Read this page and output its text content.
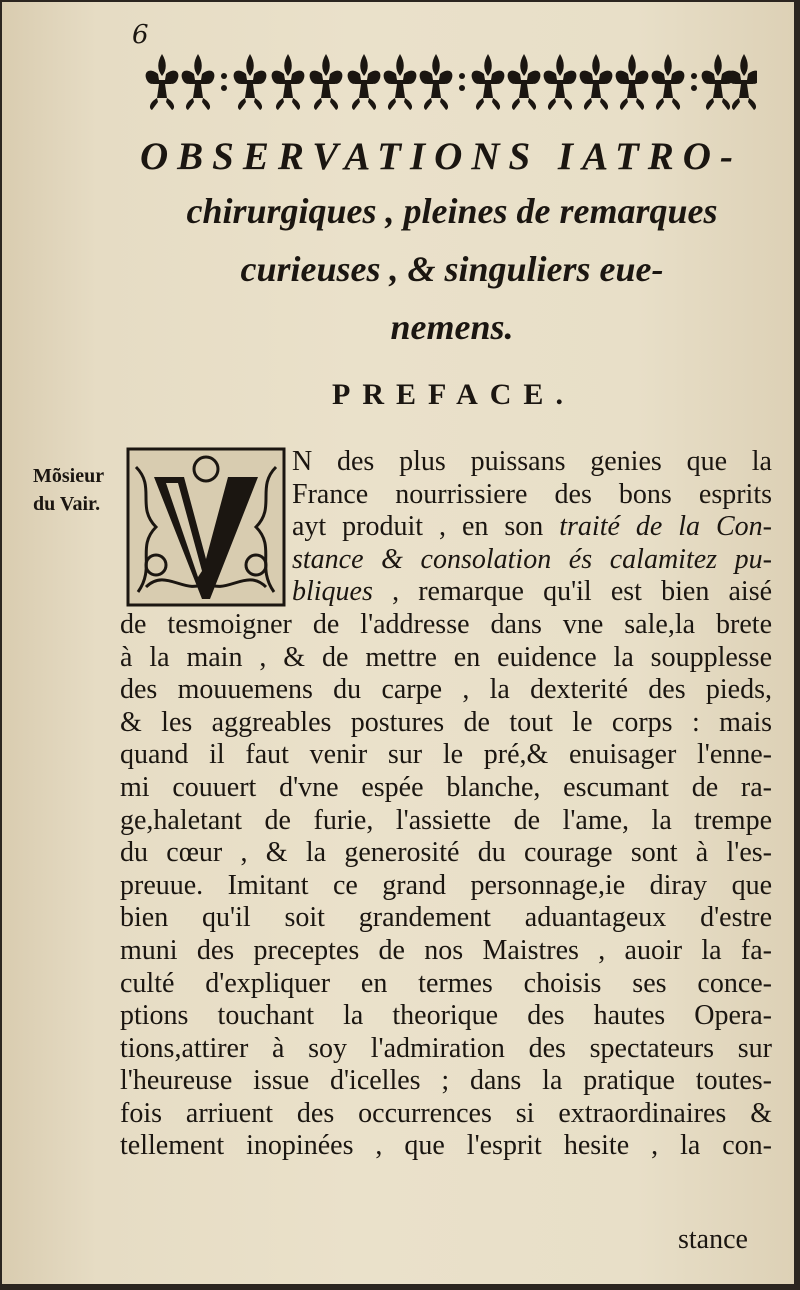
6
OBSERVATIONS IATRO-
chirurgiques , pleines de remarques
curieuses , & singuliers eue-
nemens.
PREFACE.
Mõsieur
du Vair.
N des plus puissans genies que la
France nourrissiere des bons esprits
ayt produit , en son traité de la Con-
stance & consolation és calamitez pu-
bliques , remarque qu'il est bien aisé
de tesmoigner de l'addresse dans vne sale,la brete
à la main , & de mettre en euidence la soupplesse
des mouuemens du carpe , la dexterité des pieds,
& les aggreables postures de tout le corps : mais
quand il faut venir sur le pré,& enuisager l'enne-
mi couuert d'vne espée blanche, escumant de ra-
ge,haletant de furie, l'assiette de l'ame, la trempe
du cœur , & la generosité du courage sont à l'es-
preuue. Imitant ce grand personnage,ie diray que
bien qu'il soit grandement aduantageux d'estre
muni des preceptes de nos Maistres , auoir la fa-
culté d'expliquer en termes choisis ses conce-
ptions touchant la theorique des hautes Opera-
tions,attirer à soy l'admiration des spectateurs sur
l'heureuse issue d'icelles ; dans la pratique toutes-
fois arriuent des occurrences si extraordinaires &
tellement inopinées , que l'esprit hesite , la con-
stance
